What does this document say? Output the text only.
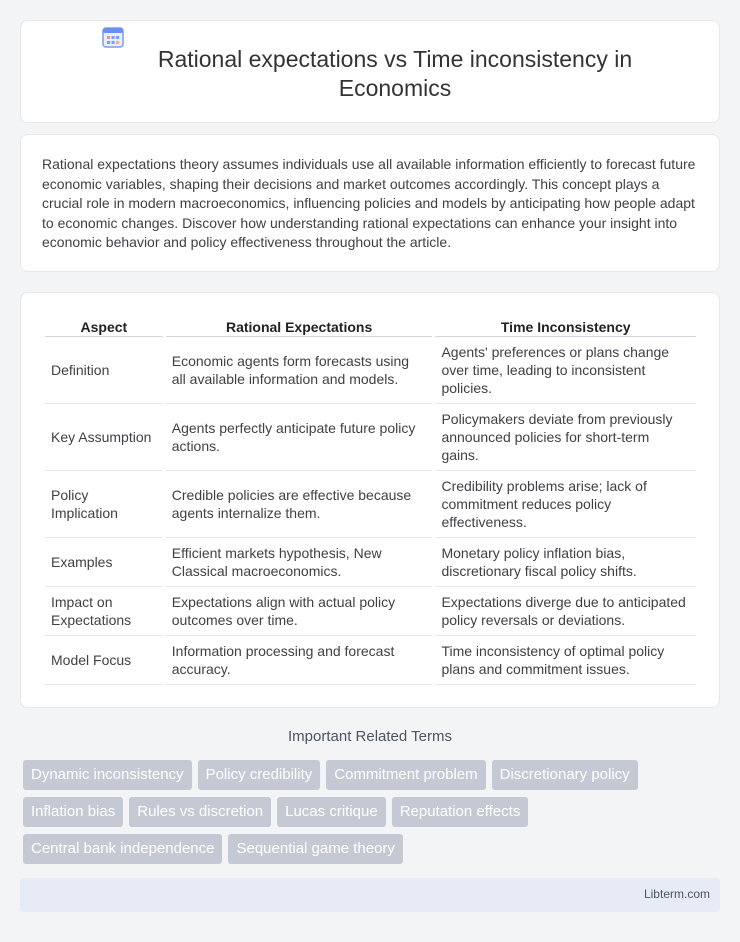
Rational expectations vs Time inconsistency in Economics

Rational expectations theory assumes individuals use all available information efficiently to forecast future economic variables, shaping their decisions and market outcomes accordingly. This concept plays a crucial role in modern macroeconomics, influencing policies and models by anticipating how people adapt to economic changes. Discover how understanding rational expectations can enhance your insight into economic behavior and policy effectiveness throughout the article.

Aspect	Rational Expectations	Time Inconsistency
Definition	Economic agents form forecasts using all available information and models.	Agents' preferences or plans change over time, leading to inconsistent policies.
Key Assumption	Agents perfectly anticipate future policy actions.	Policymakers deviate from previously announced policies for short-term gains.
Policy Implication	Credible policies are effective because agents internalize them.	Credibility problems arise; lack of commitment reduces policy effectiveness.
Examples	Efficient markets hypothesis, New Classical macroeconomics.	Monetary policy inflation bias, discretionary fiscal policy shifts.
Impact on Expectations	Expectations align with actual policy outcomes over time.	Expectations diverge due to anticipated policy reversals or deviations.
Model Focus	Information processing and forecast accuracy.	Time inconsistency of optimal policy plans and commitment issues.
Important Related Terms
Dynamic inconsistency	Policy credibility	Commitment problem	Discretionary policy
Inflation bias	Rules vs discretion	Lucas critique	Reputation effects
Central bank independence	Sequential game theory
Libterm.com
